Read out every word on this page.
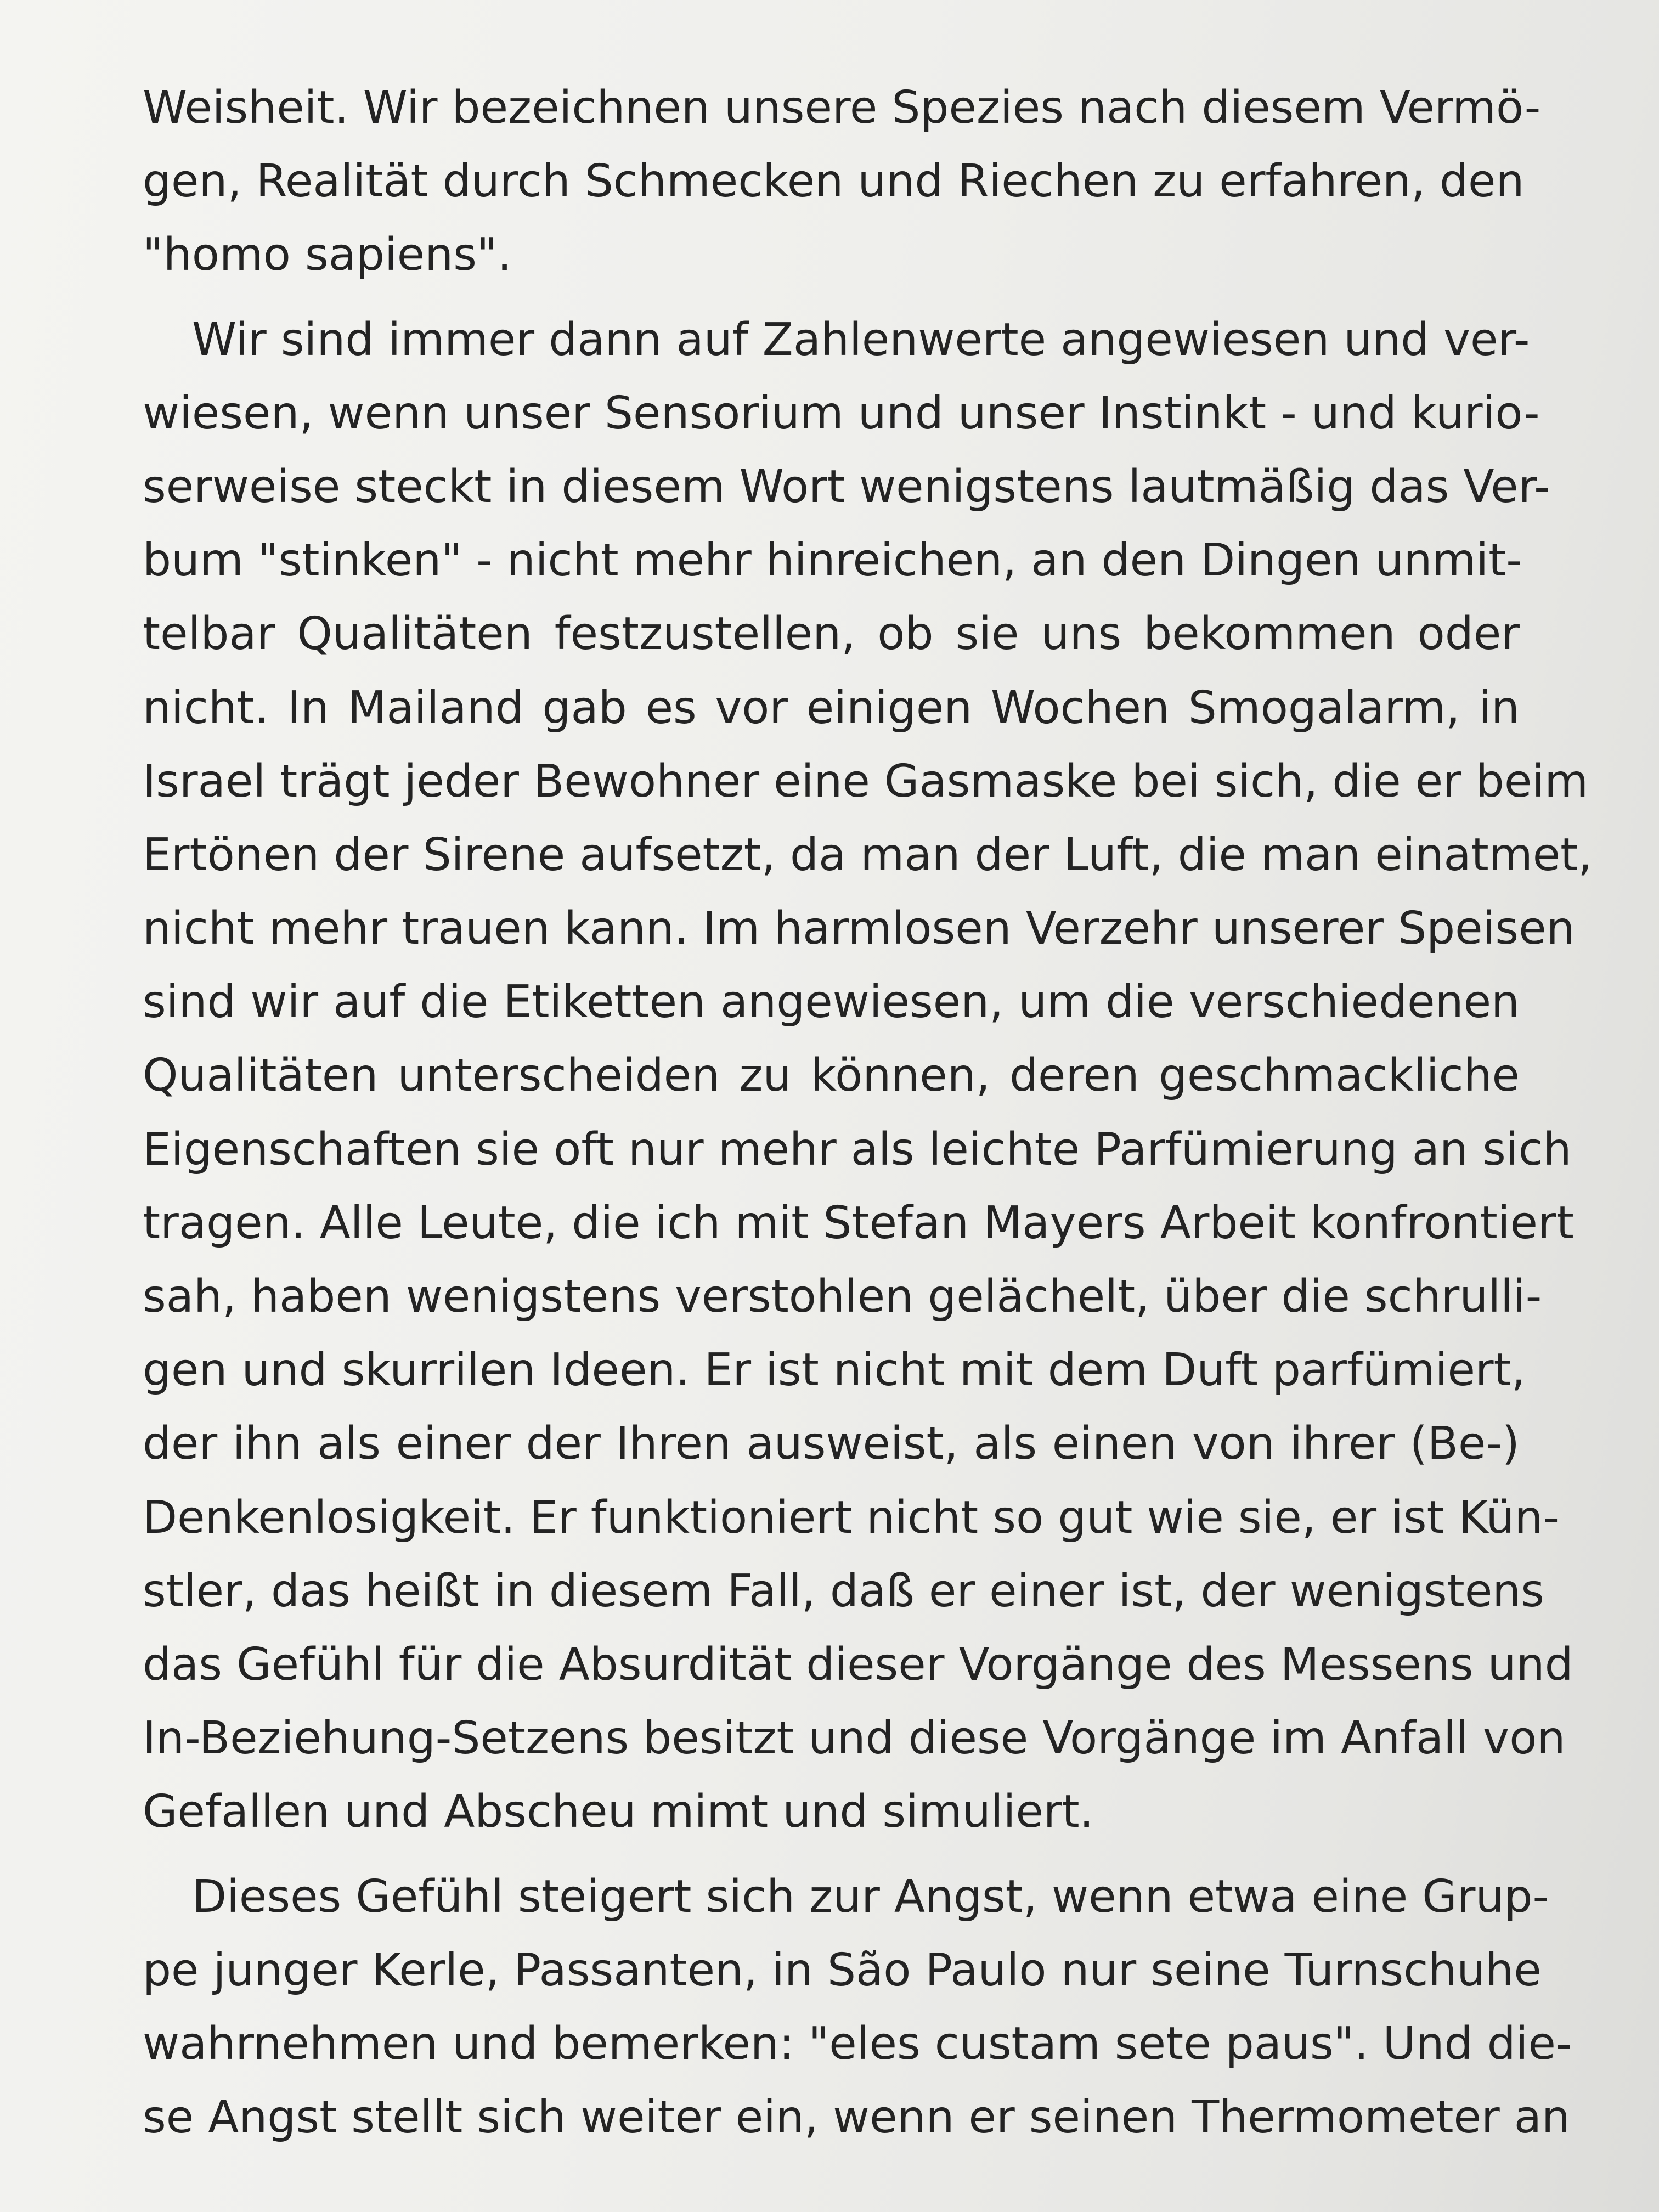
Weisheit. Wir bezeichnen unsere Spezies nach diesem Vermö-
gen, Realität durch Schmecken und Riechen zu erfahren, den
"homo sapiens".
Wir sind immer dann auf Zahlenwerte angewiesen und ver-
wiesen, wenn unser Sensorium und unser Instinkt - und kurio-
serweise steckt in diesem Wort wenigstens lautmäßig das Ver-
bum "stinken" - nicht mehr hinreichen, an den Dingen unmit-
telbar Qualitäten festzustellen, ob sie uns bekommen oder
nicht. In Mailand gab es vor einigen Wochen Smogalarm, in
Israel trägt jeder Bewohner eine Gasmaske bei sich, die er beim
Ertönen der Sirene aufsetzt, da man der Luft, die man einatmet,
nicht mehr trauen kann. Im harmlosen Verzehr unserer Speisen
sind wir auf die Etiketten angewiesen, um die verschiedenen
Qualitäten unterscheiden zu können, deren geschmackliche
Eigenschaften sie oft nur mehr als leichte Parfümierung an sich
tragen. Alle Leute, die ich mit Stefan Mayers Arbeit konfrontiert
sah, haben wenigstens verstohlen gelächelt, über die schrulli-
gen und skurrilen Ideen. Er ist nicht mit dem Duft parfümiert,
der ihn als einer der Ihren ausweist, als einen von ihrer (Be-)
Denkenlosigkeit. Er funktioniert nicht so gut wie sie, er ist Kün-
stler, das heißt in diesem Fall, daß er einer ist, der wenigstens
das Gefühl für die Absurdität dieser Vorgänge des Messens und
In-Beziehung-Setzens besitzt und diese Vorgänge im Anfall von
Gefallen und Abscheu mimt und simuliert.
Dieses Gefühl steigert sich zur Angst, wenn etwa eine Grup-
pe junger Kerle, Passanten, in São Paulo nur seine Turnschuhe
wahrnehmen und bemerken: "eles custam sete paus". Und die-
se Angst stellt sich weiter ein, wenn er seinen Thermometer an
